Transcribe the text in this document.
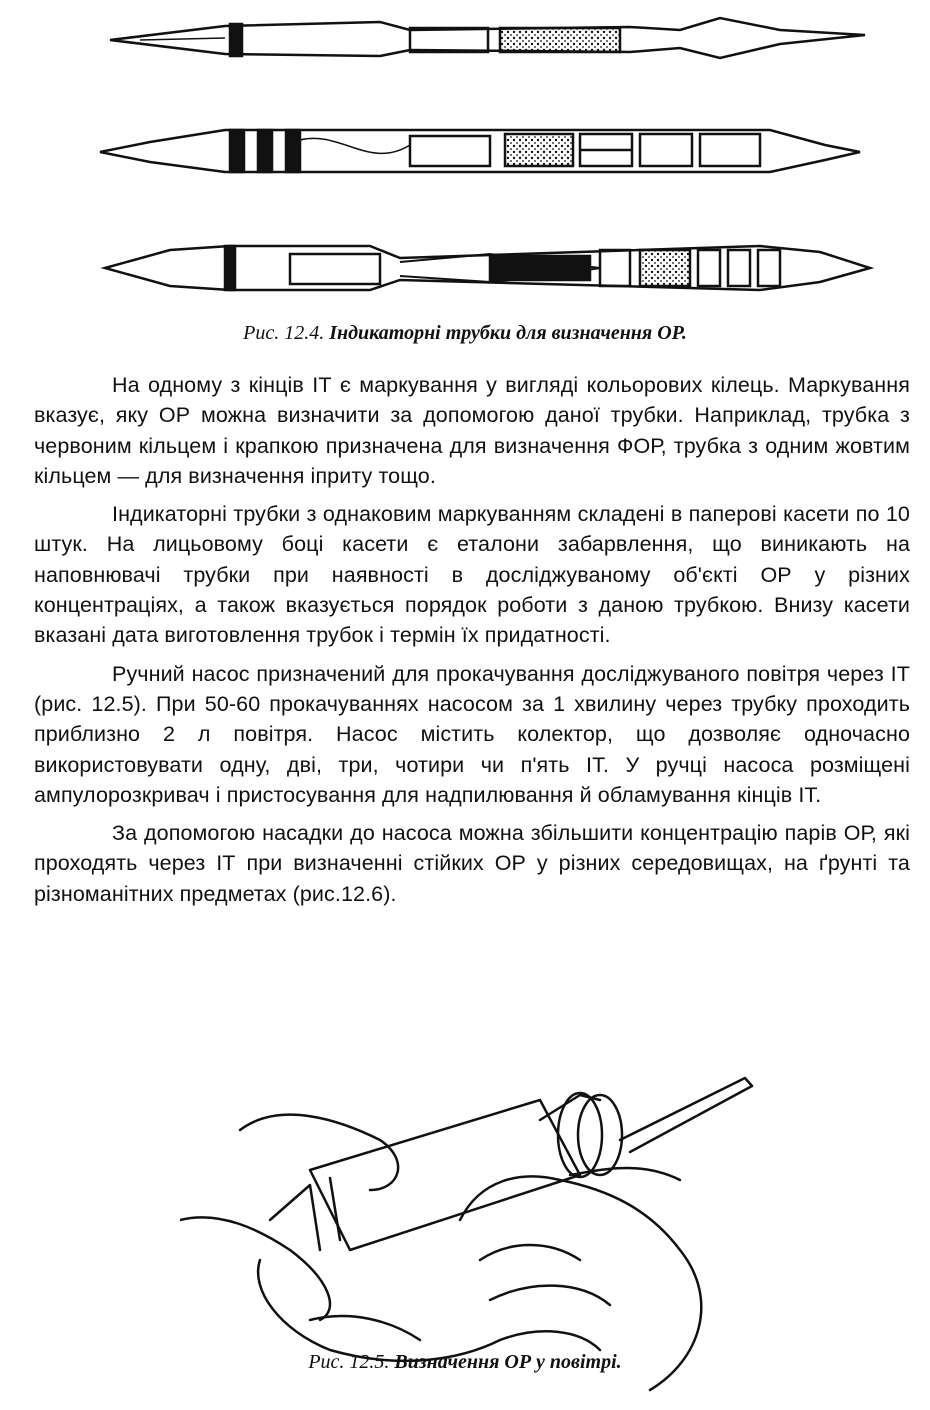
Рис. 12.4. Індикаторні трубки для визначення ОР.

На одному з кінців ІТ є маркування у вигляді кольорових кілець. Маркування вказує, яку ОР можна визначити за допомогою даної трубки. Наприклад, трубка з червоним кільцем і крапкою призначена для визначення ФОР, трубка з одним жовтим кільцем — для визначення іприту тощо.

Індикаторні трубки з однаковим маркуванням складені в паперові касети по 10 штук. На лицьовому боці касети є еталони забарвлення, що виникають на наповнювачі трубки при наявності в досліджуваному об'єкті ОР у різних концентраціях, а також вказується порядок роботи з даною трубкою. Внизу касети вказані дата виготовлення трубок і термін їх придатності.

Ручний насос призначений для прокачування досліджуваного повітря через ІТ (рис. 12.5). При 50-60 прокачуваннях насосом за 1 хвилину через трубку проходить приблизно 2 л повітря. Насос містить колектор, що дозволяє одночасно використовувати одну, дві, три, чотири чи п'ять ІТ. У ручці насоса розміщені ампулорозкривач і пристосування для надпилювання й обламування кінців ІТ.

За допомогою насадки до насоса можна збільшити концентрацію парів ОР, які проходять через ІТ при визначенні стійких ОР у різних середовищах, на ґрунті та різноманітних предметах (рис.12.6).

Рис. 12.5. Визначення ОР у повітрі.
